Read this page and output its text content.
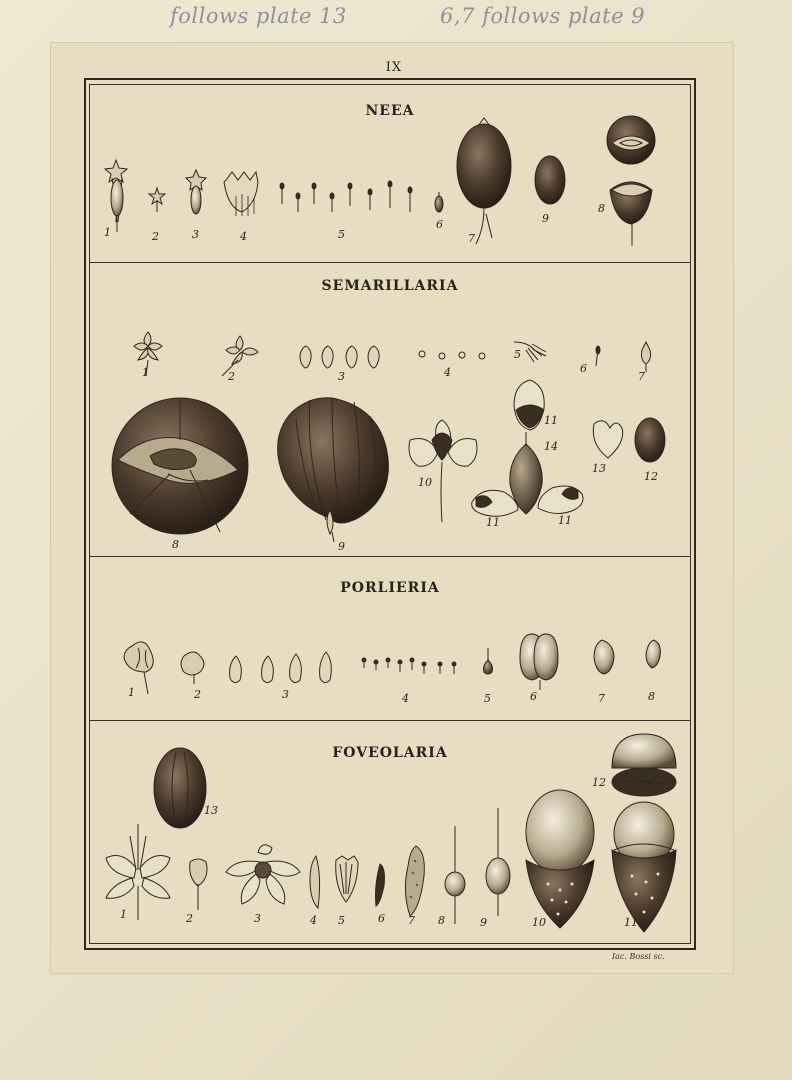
follows plate 13	6,7 follows plate 9
IX
NEEA
SEMARILLARIA
PORLIERIA
FOVEOLARIA
1	2	3	4	5
6
7
9
8
1	2	3	4
5
6
7
8	9
10
11
14
11	11
13
12
1	2	3	4	5	6	7	8
13
12
1	2	3	4 5	6 7 8	9	10	11
Iac. Bossi sc.
